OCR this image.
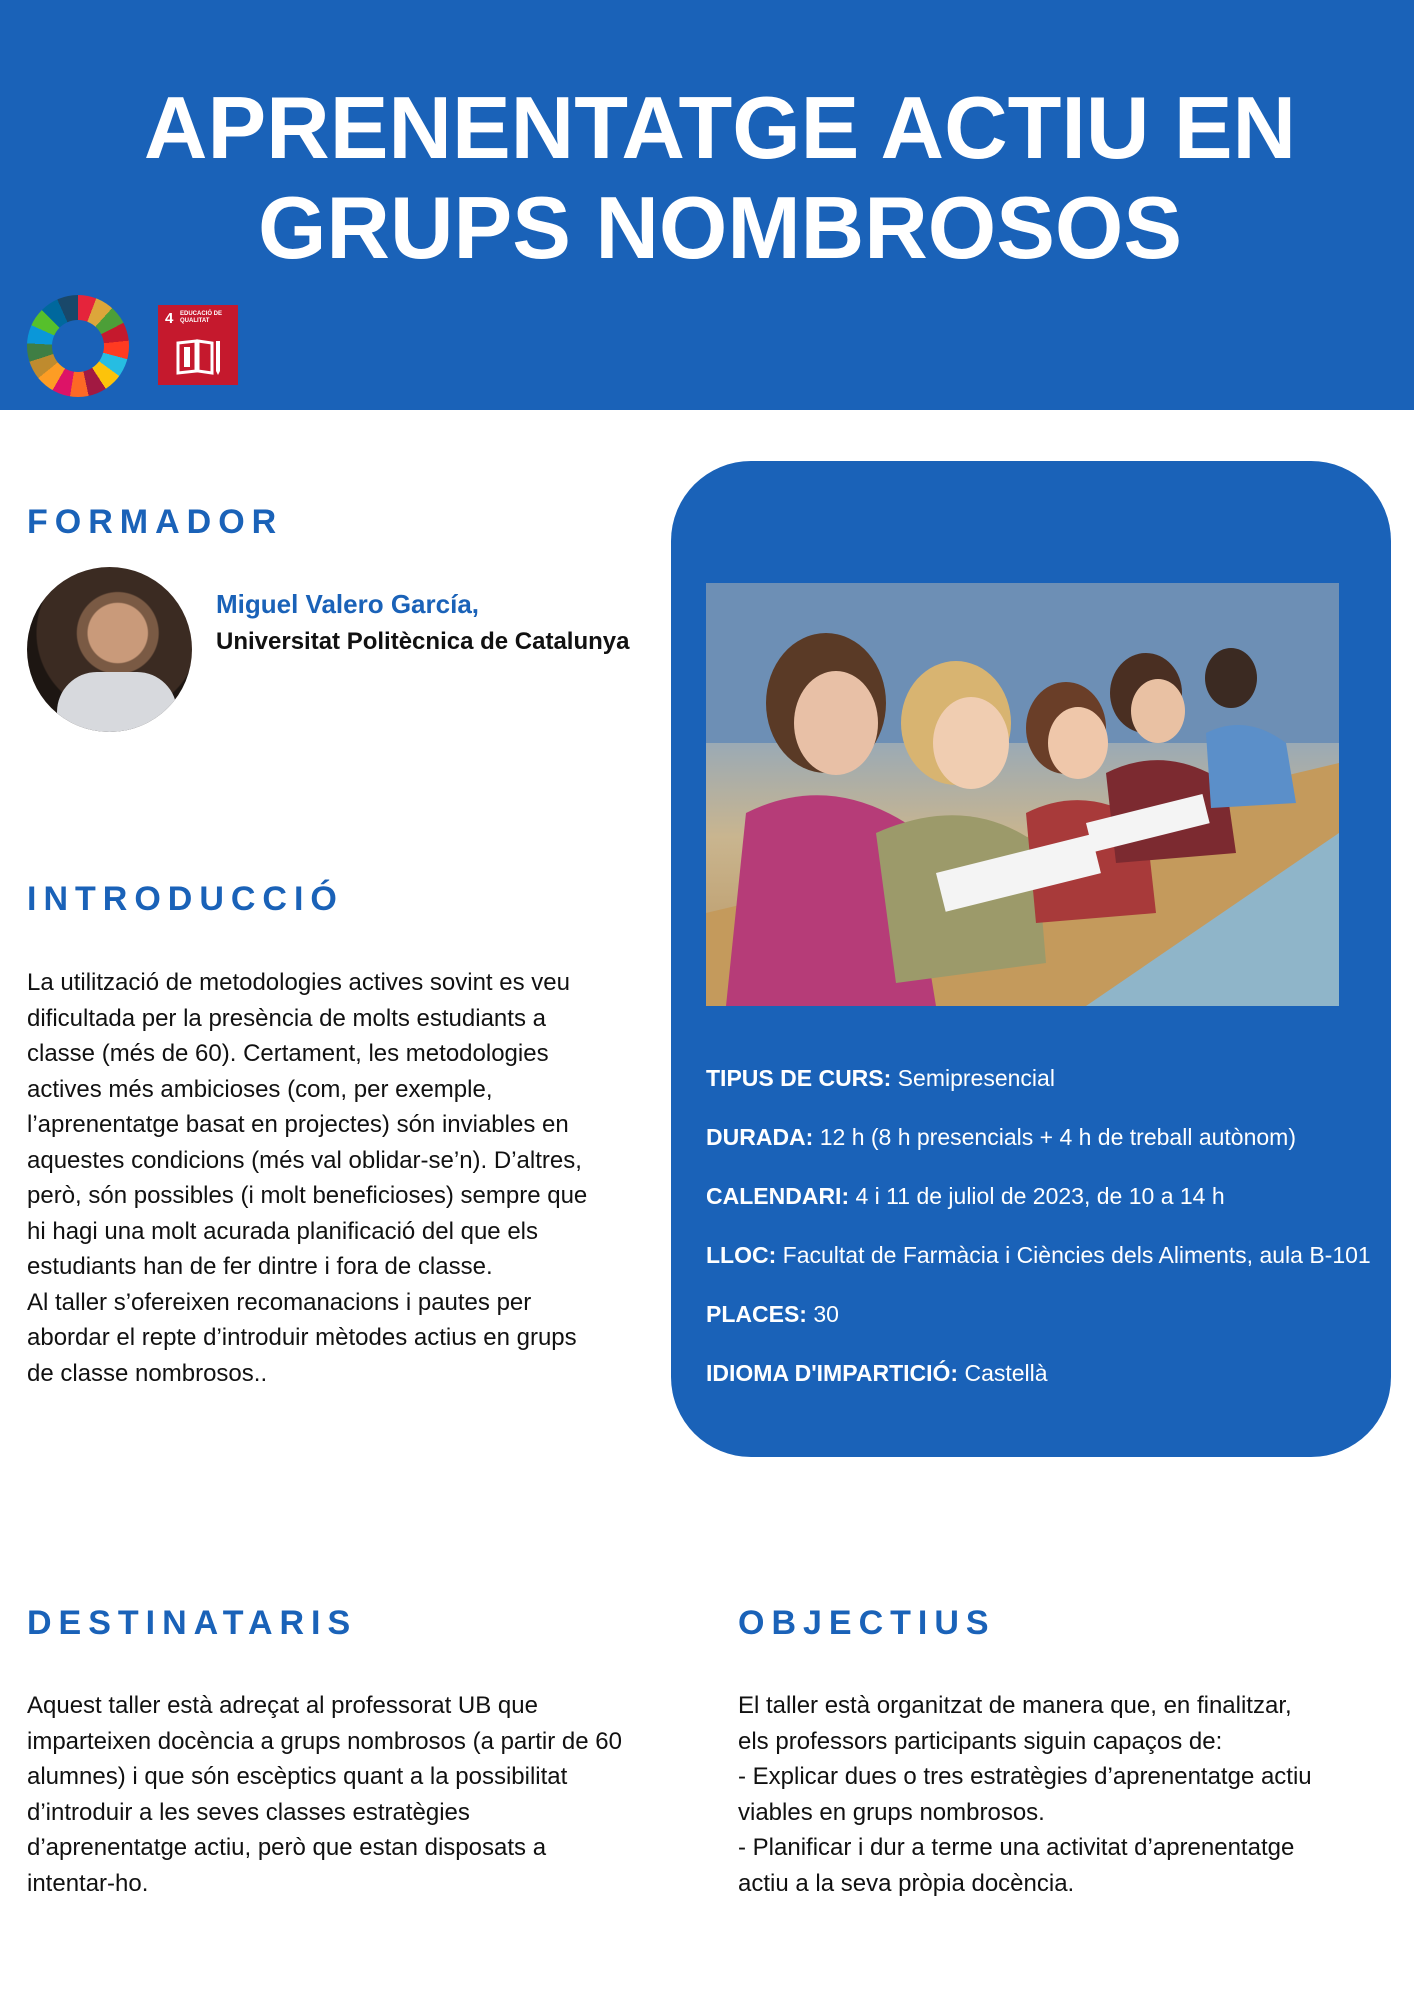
APRENENTATGE ACTIU EN
GRUPS NOMBROSOS
4 EDUCACIÓ DE QUALITAT
FORMADOR
Miguel Valero García,
Universitat Politècnica de Catalunya
INTRODUCCIÓ
La utilització de metodologies actives sovint es veu
dificultada per la presència de molts estudiants a
classe (més de 60). Certament, les metodologies
actives més ambicioses (com, per exemple,
l’aprenentatge basat en projectes) són inviables en
aquestes condicions (més val oblidar-se’n). D’altres,
però, són possibles (i molt beneficioses) sempre que
hi hagi una molt acurada planificació del que els
estudiants han de fer dintre i fora de classe.
Al taller s’ofereixen recomanacions i pautes per
abordar el repte d’introduir mètodes actius en grups
de classe nombrosos..
TIPUS DE CURS: Semipresencial
DURADA: 12 h (8 h presencials + 4 h de treball autònom)
CALENDARI: 4 i 11 de juliol de 2023, de 10 a 14 h
LLOC: Facultat de Farmàcia i Ciències dels Aliments, aula B-101
PLACES: 30
IDIOMA D'IMPARTICIÓ: Castellà
DESTINATARIS
Aquest taller està adreçat al professorat UB que
imparteixen docència a grups nombrosos (a partir de 60
alumnes) i que són escèptics quant a la possibilitat
d’introduir a les seves classes estratègies
d’aprenentatge actiu, però que estan disposats a
intentar-ho.
OBJECTIUS
El taller està organitzat de manera que, en finalitzar,
els professors participants siguin capaços de:
- Explicar dues o tres estratègies d’aprenentatge actiu
viables en grups nombrosos.
- Planificar i dur a terme una activitat d’aprenentatge
actiu a la seva pròpia docència.
